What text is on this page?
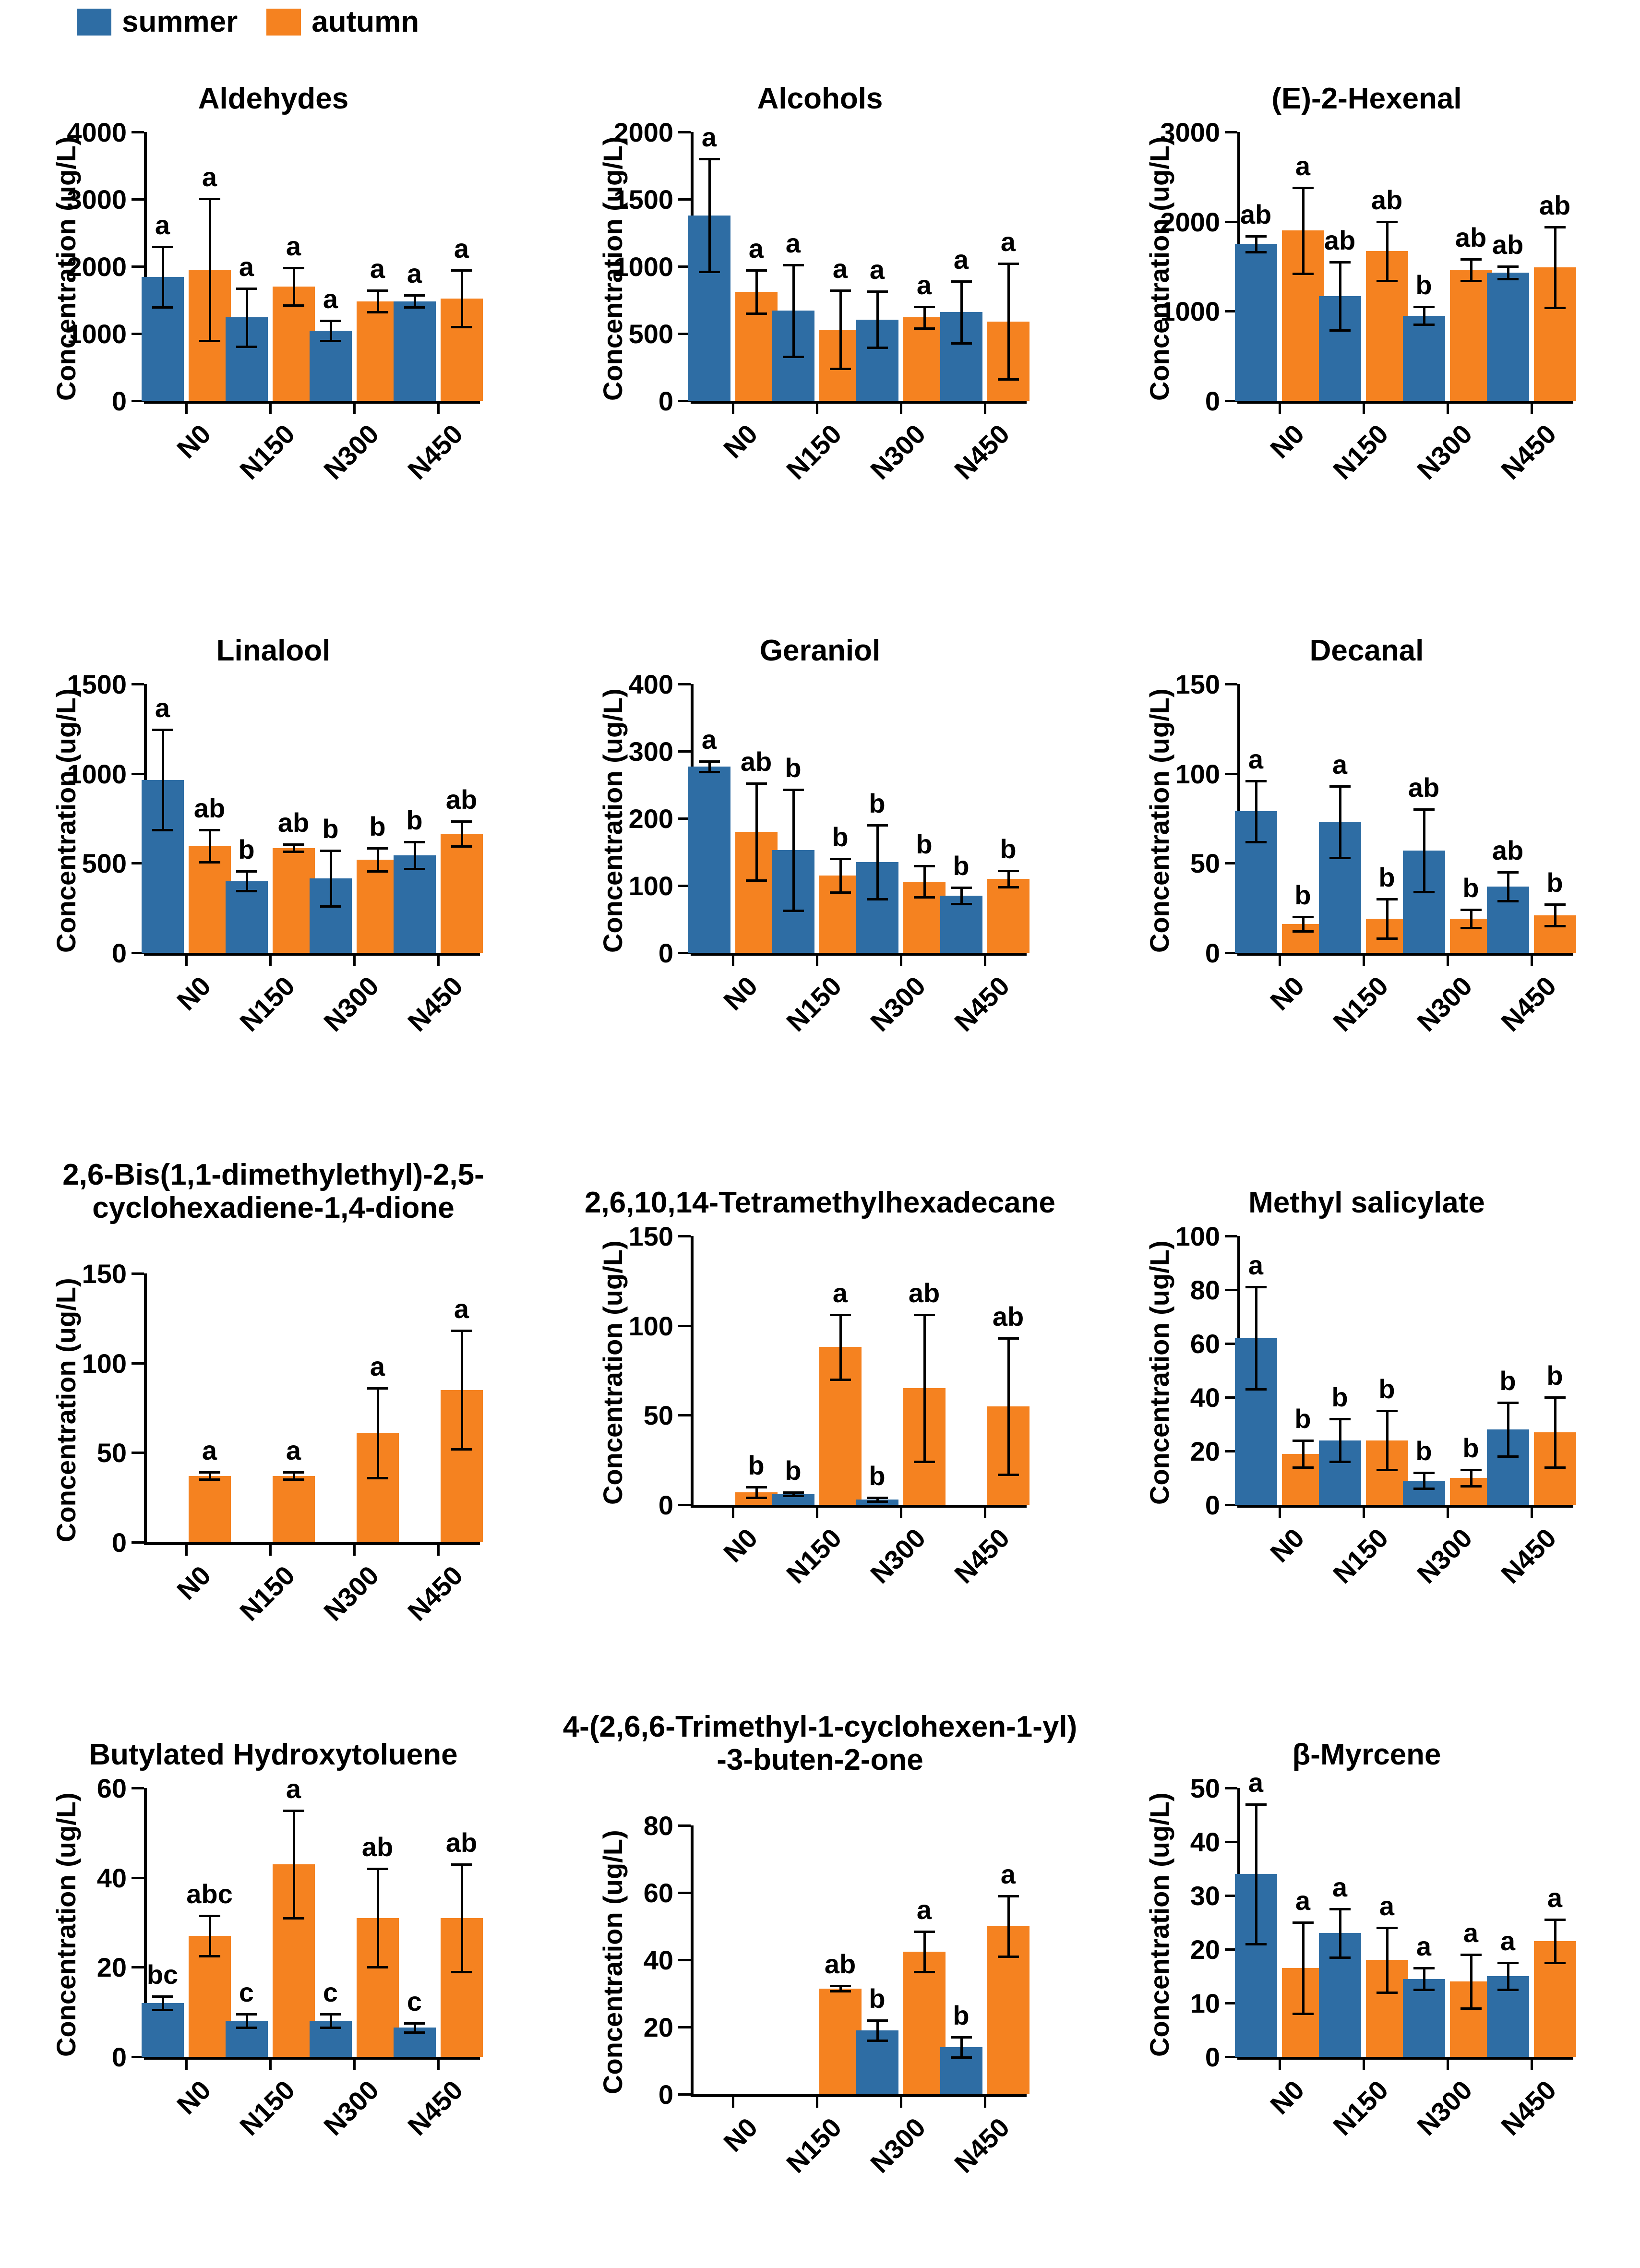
summer autumn
Aldehydes
Concentration (ug/L)
0
1000
2000
3000
4000
a
a
N0
a
a
N150
a
a
N300
a
a
N450
Alcohols
Concentration (ug/L)
0
500
1000
1500
2000	a
a
N0
a
a
N150
a
a
N300
a
a
N450
(E)-2-Hexenal
Concentration (ug/L)
0
1000
2000
3000
ab
a
N0
ab
ab
N150
b
ab
N300
ab
ab
N450
Linalool
Concentration (ug/L)
0
500
1000
1500
a
ab
N0
b
ab
N150
b	b
N300
b
ab
N450
Geraniol
Concentration (ug/L)
0
100
200
300
400
a
ab
N0
b
b
N150
b
b
N300
b
b
N450
Decanal
Concentration (ug/L)
0
50
100
150
a
b
N0
a
b
N150
ab
b
N300
ab
b
N450
2,6-Bis(1,1-dimethylethyl)-2,5-
cyclohexadiene-1,4-dione
Concentration (ug/L)
0
50
100
150
a
N0
a
N150
a
N300
a
N450
2,6,10,14-Tetramethylhexadecane
Concentration (ug/L)
0
50
100
150
b
N0
b
a
N150
b
ab
N300
ab
N450
Methyl salicylate
Concentration (ug/L)
0
20
40
60
80
100
a
b
N0
b	b
N150
b	b
N300
b	b
N450
Butylated Hydroxytoluene
Concentration (ug/L)
0
20
40
60
bc
abc
N0
c
a
N150
c
ab
N300
c
ab
N450
4-(2,6,6-Trimethyl-1-cyclohexen-1-yl)
-3-buten-2-one
Concentration (ug/L)
0
20
40
60
80
N0
ab
N150
b
a
N300
b
a
N450
β-Myrcene
Concentration (ug/L)
0
10
20
30
40
50	a
a
N0
a
a
N150
a	a
N300
a
a
N450
